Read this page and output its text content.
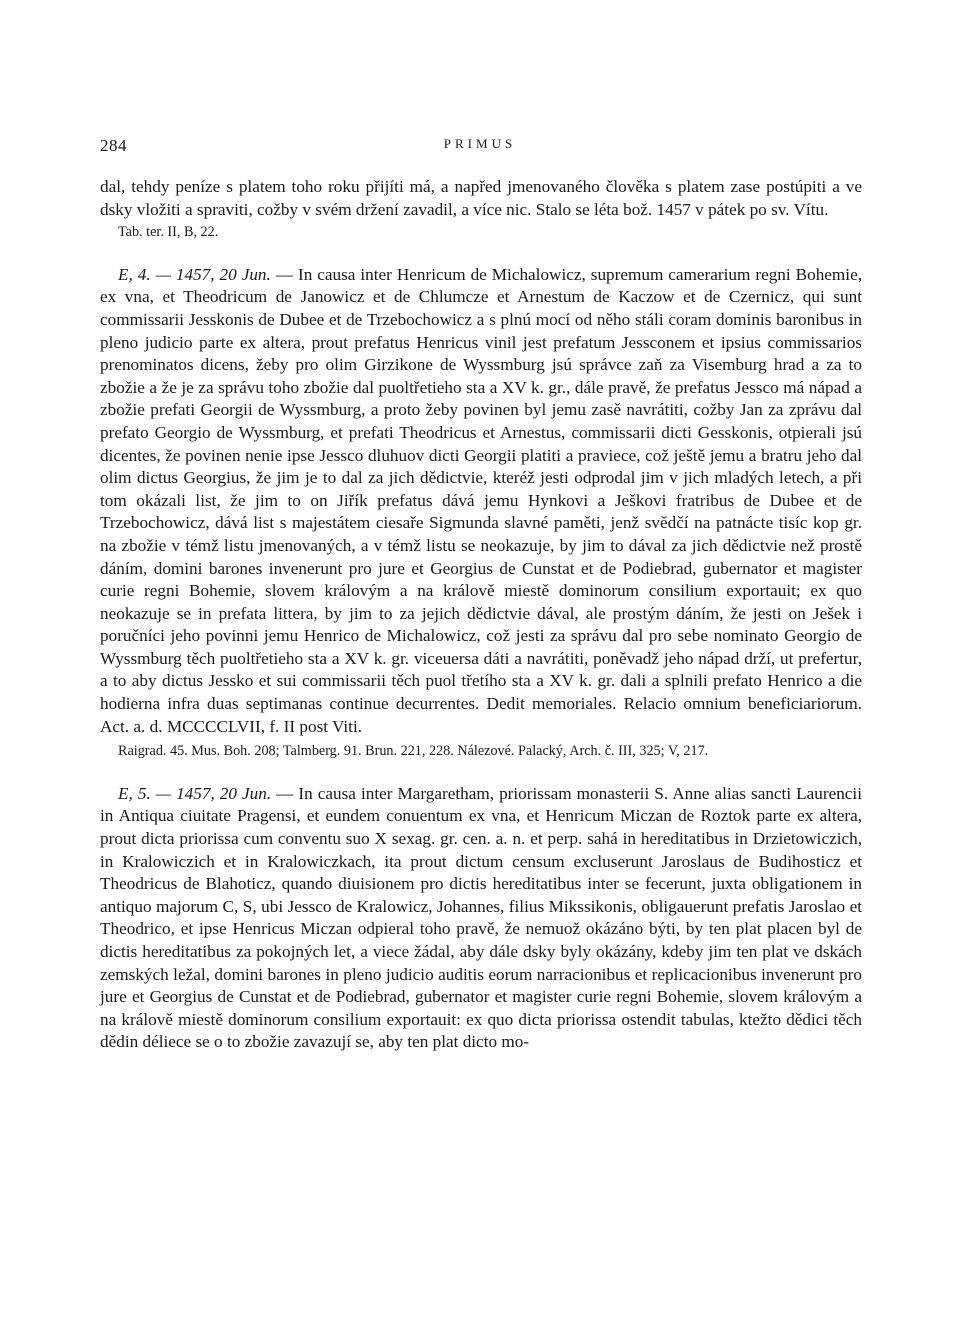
284	PRIMUS

dal, tehdy peníze s platem toho roku přijíti má, a napřed jmenovaného člověka s platem zase postúpiti a ve dsky vložiti a spraviti, cožby v svém držení zavadil, a více nic. Stalo se léta bož. 1457 v pátek po sv. Vítu.

Tab. ter. II, B, 22.

E, 4. — 1457, 20 Jun. — In causa inter Henricum de Michalowicz, supremum camerarium regni Bohemie, ex vna, et Theodricum de Janowicz et de Chlumcze et Arnestum de Kaczow et de Czernicz, qui sunt commissarii Jesskonis de Dubee et de Trzebochowicz a s plnú mocí od něho stáli coram dominis baronibus in pleno judicio parte ex altera, prout prefatus Henricus vinil jest prefatum Jessconem et ipsius commissarios prenominatos dicens, žeby pro olim Girzikone de Wyssmburg jsú správce zaň za Visemburg hrad a za to zbožie a že je za správu toho zbožie dal puoltřetieho sta a XV k. gr., dále pravě, že prefatus Jessco má nápad a zbožie prefati Georgii de Wyssmburg, a proto žeby povinen byl jemu zasě navrátiti, cožby Jan za zprávu dal prefato Georgio de Wyssmburg, et prefati Theodricus et Arnestus, commissarii dicti Gesskonis, otpierali jsú dicentes, že povinen nenie ipse Jessco dluhuov dicti Georgii platiti a praviece, což ještě jemu a bratru jeho dal olim dictus Georgius, že jim je to dal za jich dědictvie, kteréž jesti odprodal jim v jich mladých letech, a při tom okázali list, že jim to on Jiřík prefatus dává jemu Hynkovi a Ješkovi fratribus de Dubee et de Trzebochowicz, dává list s majestátem ciesaře Sigmunda slavné paměti, jenž svědčí na patnácte tisíc kop gr. na zbožie v témž listu jmenovaných, a v témž listu se neokazuje, by jim to dával za jich dědictvie než prostě dáním, domini barones invenerunt pro jure et Georgius de Cunstat et de Podiebrad, gubernator et magister curie regni Bohemie, slovem královým a na králově miestě dominorum consilium exportauit; ex quo neokazuje se in prefata littera, by jim to za jejich dědictvie dával, ale prostým dáním, že jesti on Ješek i poručníci jeho povinni jemu Henrico de Michalowicz, což jesti za správu dal pro sebe nominato Georgio de Wyssmburg těch puoltřetieho sta a XV k. gr. viceuersa dáti a navrátiti, poněvadž jeho nápad drží, ut prefertur, a to aby dictus Jessko et sui commissarii těch puol třetího sta a XV k. gr. dali a splnili prefato Henrico a die hodierna infra duas septimanas continue decurrentes. Dedit memoriales. Relacio omnium beneficiariorum. Act. a. d. MCCCCLVII, f. II post Viti.

Raigrad. 45. Mus. Boh. 208; Talmberg. 91. Brun. 221, 228. Nálezové. Palacký, Arch. č. III, 325; V, 217.

E, 5. — 1457, 20 Jun. — In causa inter Margaretham, priorissam monasterii S. Anne alias sancti Laurencii in Antiqua ciuitate Pragensi, et eundem conuentum ex vna, et Henricum Miczan de Roztok parte ex altera, prout dicta priorissa cum conventu suo X sexag. gr. cen. a. n. et perp. sahá in hereditatibus in Drzietowiczich, in Kralowiczich et in Kralowiczkach, ita prout dictum censum excluserunt Jaroslaus de Budihosticz et Theodricus de Blahoticz, quando diuisionem pro dictis hereditatibus inter se fecerunt, juxta obligationem in antiquo majorum C, S, ubi Jessco de Kralowicz, Johannes, filius Mikssikonis, obligauerunt prefatis Jaroslao et Theodrico, et ipse Henricus Miczan odpieral toho pravě, že nemuož okázáno býti, by ten plat placen byl de dictis hereditatibus za pokojných let, a viece žádal, aby dále dsky byly okázány, kdeby jim ten plat ve dskách zemských ležal, domini barones in pleno judicio auditis eorum narracionibus et replicacionibus invenerunt pro jure et Georgius de Cunstat et de Podiebrad, gubernator et magister curie regni Bohemie, slovem královým a na králově miestě dominorum consilium exportauit: ex quo dicta priorissa ostendit tabulas, ktežto dědici těch dědin déliece se o to zbožie zavazují se, aby ten plat dicto mo-
